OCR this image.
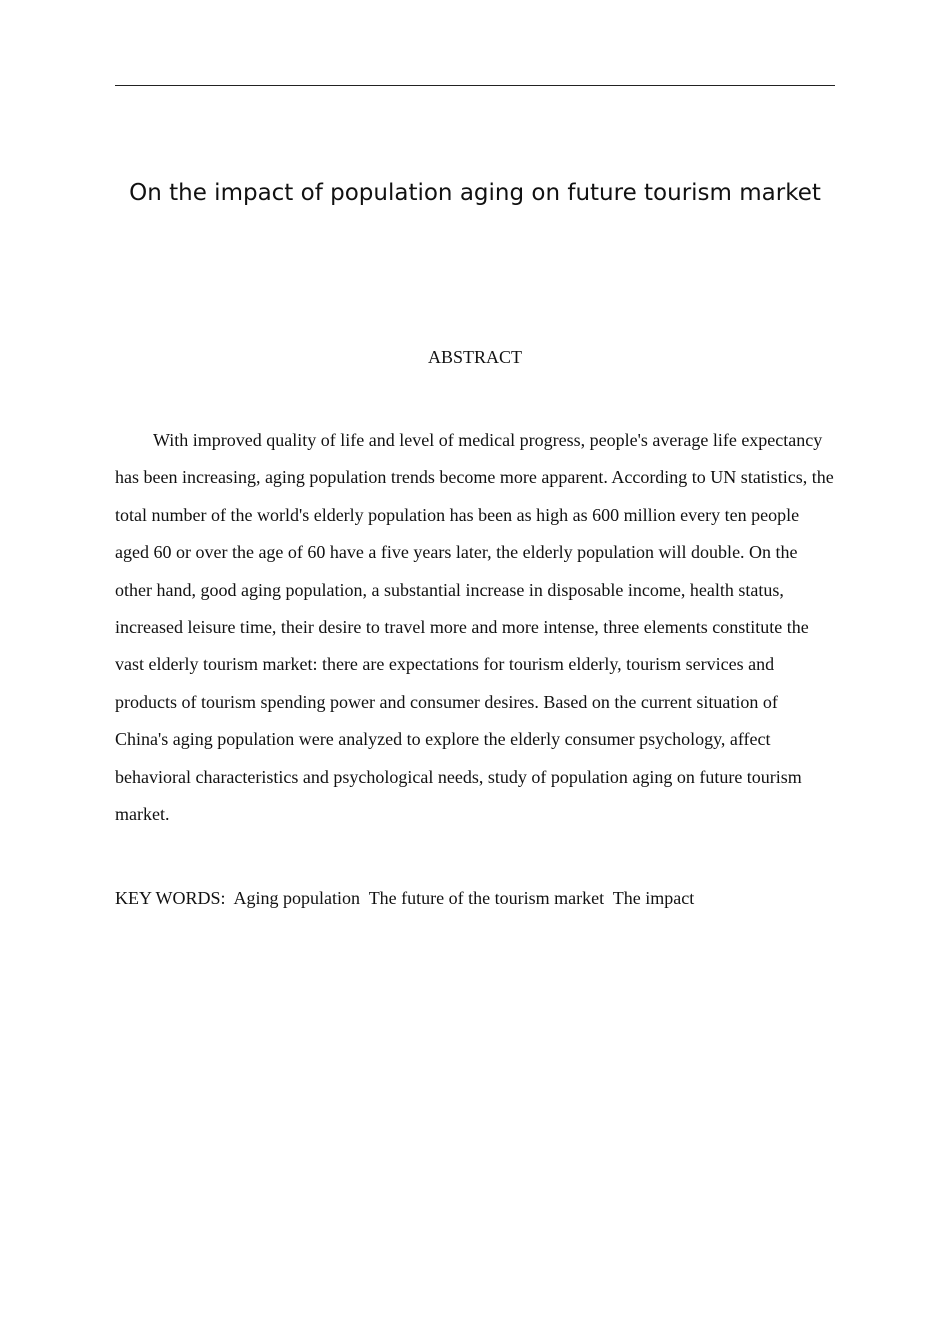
On the impact of population aging on future tourism market
ABSTRACT

With improved quality of life and level of medical progress, people's average life expectancy has been increasing, aging population trends become more apparent. According to UN statistics, the total number of the world's elderly population has been as high as 600 million every ten people aged 60 or over the age of 60 have a five years later, the elderly population will double. On the other hand, good aging population, a substantial increase in disposable income, health status, increased leisure time, their desire to travel more and more intense, three elements constitute the vast elderly tourism market: there are expectations for tourism elderly, tourism services and products of tourism spending power and consumer desires. Based on the current situation of China's aging population were analyzed to explore the elderly consumer psychology, affect behavioral characteristics and psychological needs, study of population aging on future tourism market.

KEY WORDS:  Aging population  The future of the tourism market  The impact
